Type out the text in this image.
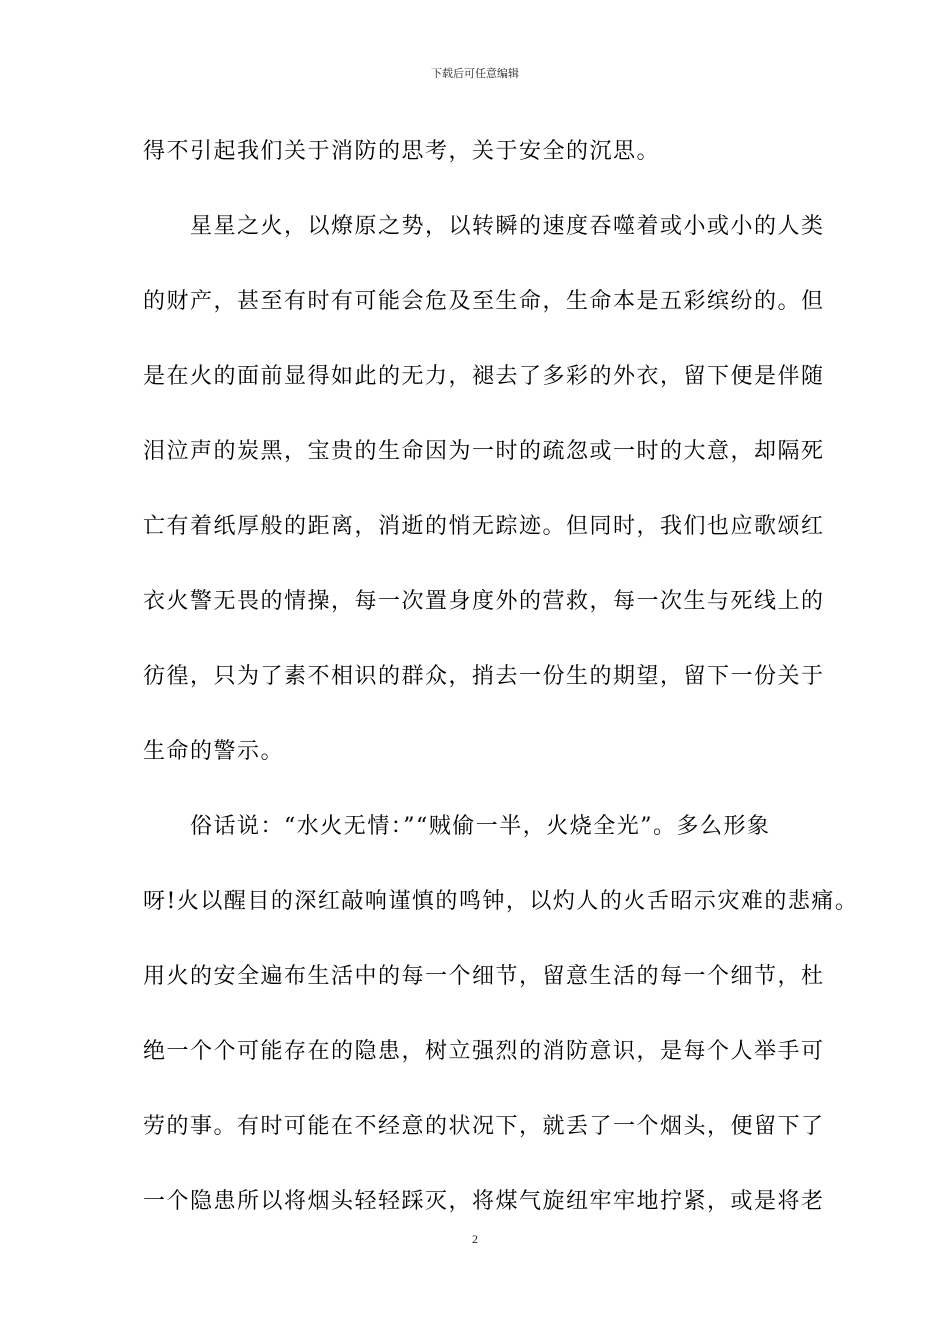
下载后可任意编辑
得不引起我们关于消防的思考，关于安全的沉思。
　　星星之火，以燎原之势，以转瞬的速度吞噬着或小或小的人类
的财产，甚至有时有可能会危及至生命，生命本是五彩缤纷的。但
是在火的面前显得如此的无力，褪去了多彩的外衣，留下便是伴随
泪泣声的炭黑，宝贵的生命因为一时的疏忽或一时的大意，却隔死
亡有着纸厚般的距离，消逝的悄无踪迹。但同时，我们也应歌颂红
衣火警无畏的情操，每一次置身度外的营救，每一次生与死线上的
彷徨，只为了素不相识的群众，捎去一份生的期望，留下一份关于
生命的警示。
　　俗话说：“水火无情：”“贼偷一半，火烧全光”。多么形象
呀!火以醒目的深红敲响谨慎的鸣钟，以灼人的火舌昭示灾难的悲痛。
用火的安全遍布生活中的每一个细节，留意生活的每一个细节，杜
绝一个个可能存在的隐患，树立强烈的消防意识，是每个人举手可
劳的事。有时可能在不经意的状况下，就丢了一个烟头，便留下了
一个隐患所以将烟头轻轻踩灭，将煤气旋纽牢牢地拧紧，或是将老
2
